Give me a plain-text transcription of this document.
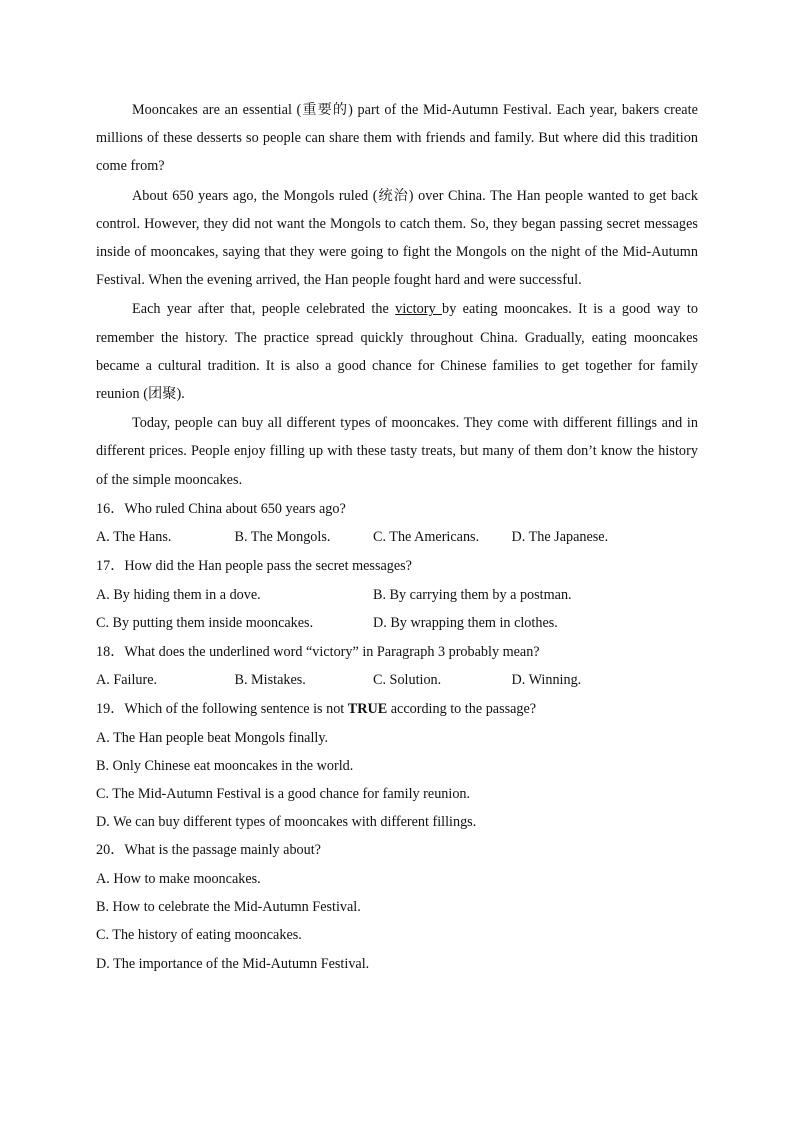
Mooncakes are an essential (重要的) part of the Mid-Autumn Festival. Each year, bakers create millions of these desserts so people can share them with friends and family. But where did this tradition come from?

About 650 years ago, the Mongols ruled (统治) over China. The Han people wanted to get back control. However, they did not want the Mongols to catch them. So, they began passing secret messages inside of mooncakes, saying that they were going to fight the Mongols on the night of the Mid-Autumn Festival. When the evening arrived, the Han people fought hard and were successful.

Each year after that, people celebrated the victory by eating mooncakes. It is a good way to remember the history. The practice spread quickly throughout China. Gradually, eating mooncakes became a cultural tradition. It is also a good chance for Chinese families to get together for family reunion (团聚).

Today, people can buy all different types of mooncakes. They come with different fillings and in different prices. People enjoy filling up with these tasty treats, but many of them don’t know the history of the simple mooncakes.

16．Who ruled China about 650 years ago?

A. The Hans.	B. The Mongols.	C. The Americans.	D. The Japanese.

17．How did the Han people pass the secret messages?

A. By hiding them in a dove.	B. By carrying them by a postman.
C. By putting them inside mooncakes.	D. By wrapping them in clothes.

18．What does the underlined word “victory” in Paragraph 3 probably mean?

A. Failure.	B. Mistakes.	C. Solution.	D. Winning.

19．Which of the following sentence is not TRUE according to the passage?

A. The Han people beat Mongols finally.

B. Only Chinese eat mooncakes in the world.

C. The Mid-Autumn Festival is a good chance for family reunion.

D. We can buy different types of mooncakes with different fillings.

20．What is the passage mainly about?

A. How to make mooncakes.

B. How to celebrate the Mid-Autumn Festival.

C. The history of eating mooncakes.

D. The importance of the Mid-Autumn Festival.
